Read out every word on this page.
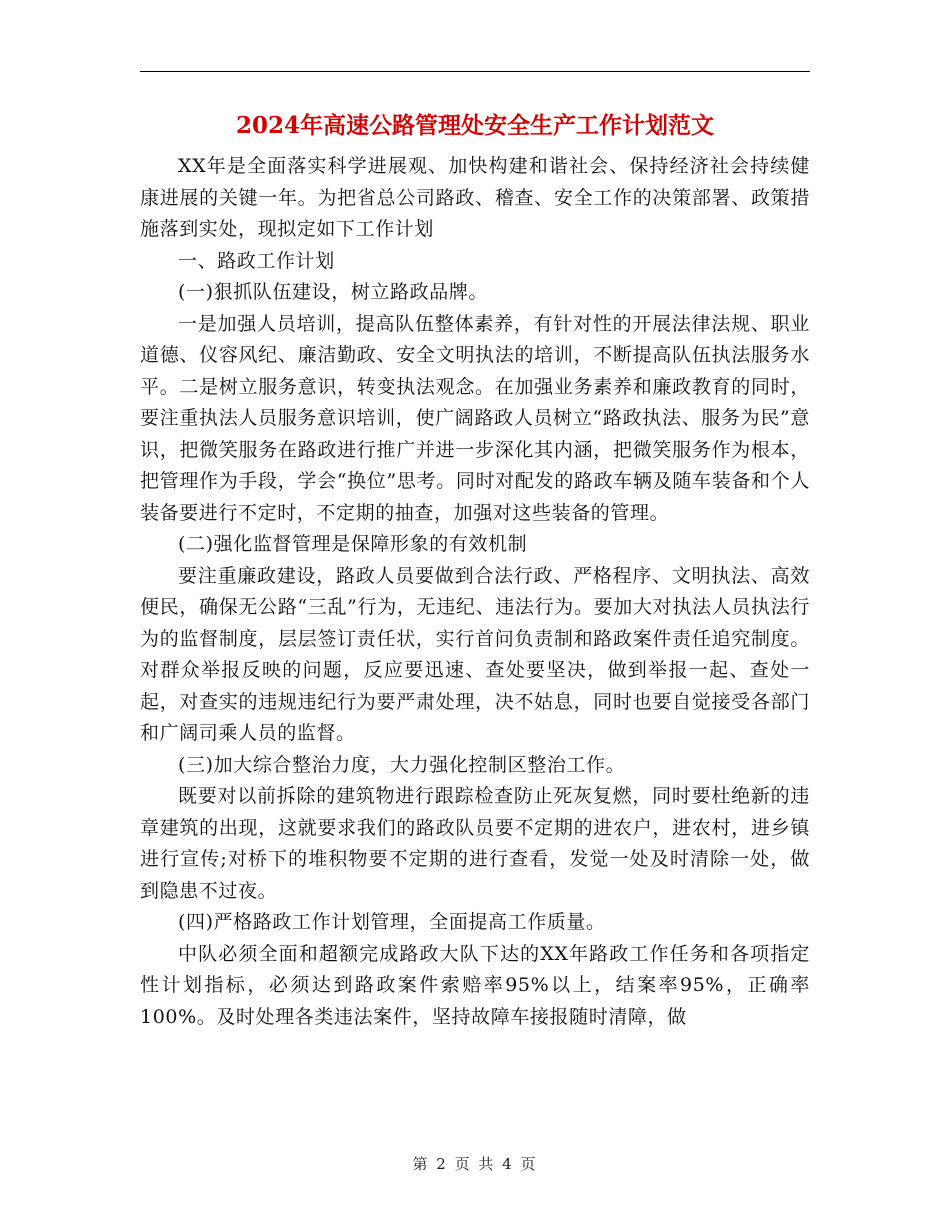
2024年高速公路管理处安全生产工作计划范文

XX年是全面落实科学进展观、加快构建和谐社会、保持经济社会持续健康进展的关键一年。为把省总公司路政、稽查、安全工作的决策部署、政策措施落到实处，现拟定如下工作计划

一、路政工作计划

(一)狠抓队伍建设，树立路政品牌。

一是加强人员培训，提高队伍整体素养，有针对性的开展法律法规、职业道德、仪容风纪、廉洁勤政、安全文明执法的培训，不断提高队伍执法服务水平。二是树立服务意识，转变执法观念。在加强业务素养和廉政教育的同时，要注重执法人员服务意识培训，使广阔路政人员树立“路政执法、服务为民”意识，把微笑服务在路政进行推广并进一步深化其内涵，把微笑服务作为根本，把管理作为手段，学会“换位”思考。同时对配发的路政车辆及随车装备和个人装备要进行不定时，不定期的抽查，加强对这些装备的管理。

(二)强化监督管理是保障形象的有效机制

要注重廉政建设，路政人员要做到合法行政、严格程序、文明执法、高效便民，确保无公路“三乱”行为，无违纪、违法行为。要加大对执法人员执法行为的监督制度，层层签订责任状，实行首问负责制和路政案件责任追究制度。对群众举报反映的问题，反应要迅速、查处要坚决，做到举报一起、查处一起，对查实的违规违纪行为要严肃处理，决不姑息，同时也要自觉接受各部门和广阔司乘人员的监督。

(三)加大综合整治力度，大力强化控制区整治工作。

既要对以前拆除的建筑物进行跟踪检查防止死灰复燃，同时要杜绝新的违章建筑的出现，这就要求我们的路政队员要不定期的进农户，进农村，进乡镇进行宣传;对桥下的堆积物要不定期的进行查看，发觉一处及时清除一处，做到隐患不过夜。

(四)严格路政工作计划管理，全面提高工作质量。

中队必须全面和超额完成路政大队下达的XX年路政工作任务和各项指定性计划指标，必须达到路政案件索赔率95%以上，结案率95%，正确率100%。及时处理各类违法案件，坚持故障车接报随时清障，做

第 2 页 共 4 页
